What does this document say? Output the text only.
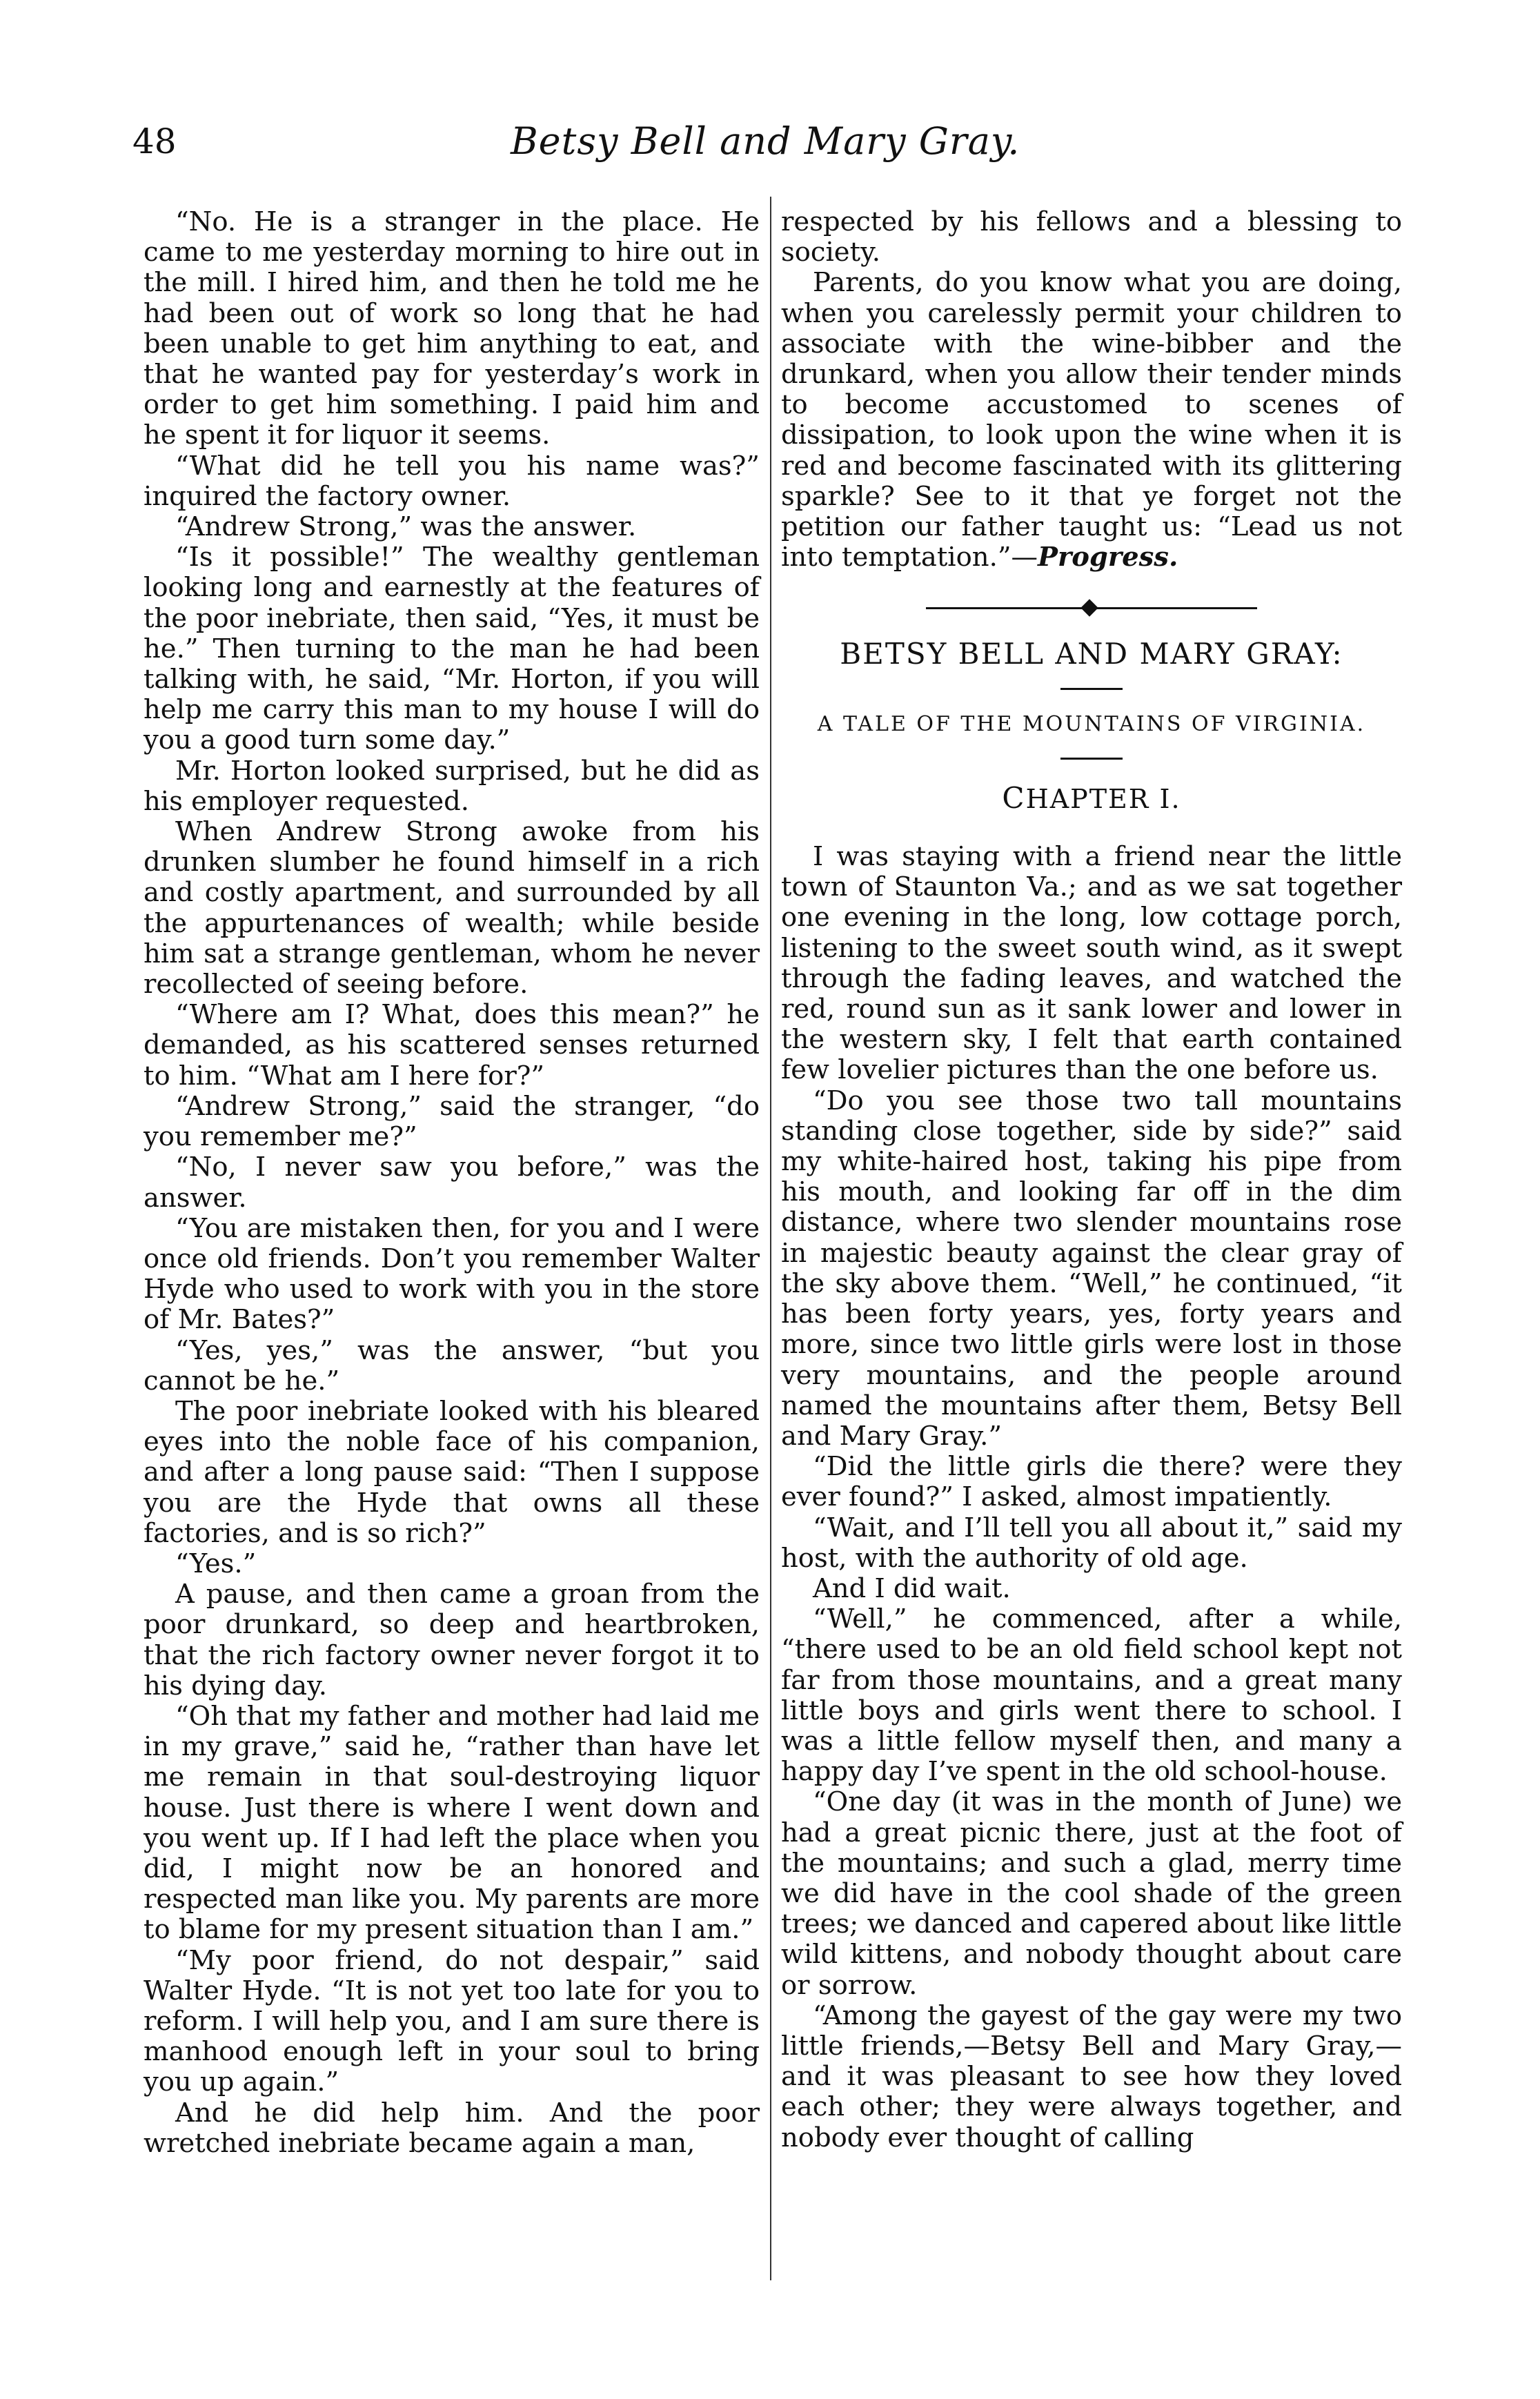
48	Betsy Bell and Mary Gray.

“No. He is a stranger in the place. He came to me yesterday morning to hire out in the mill. I hired him, and then he told me he had been out of work so long that he had been unable to get him anything to eat, and that he wanted pay for yesterday’s work in order to get him something. I paid him and he spent it for liquor it seems.

“What did he tell you his name was?” inquired the factory owner.

“Andrew Strong,” was the answer.

“Is it possible!” The wealthy gentleman looking long and earnestly at the features of the poor inebriate, then said, “Yes, it must be he.” Then turning to the man he had been talking with, he said, “Mr. Horton, if you will help me carry this man to my house I will do you a good turn some day.”

Mr. Horton looked surprised, but he did as his employer requested.

When Andrew Strong awoke from his drunken slumber he found himself in a rich and costly apartment, and surrounded by all the appurtenances of wealth; while beside him sat a strange gentleman, whom he never recollected of seeing before.

“Where am I? What, does this mean?” he demanded, as his scattered senses returned to him. “What am I here for?”

“Andrew Strong,” said the stranger, “do you remember me?”

“No, I never saw you before,” was the answer.

“You are mistaken then, for you and I were once old friends. Don’t you remember Walter Hyde who used to work with you in the store of Mr. Bates?”

“Yes, yes,” was the answer, “but you cannot be he.”

The poor inebriate looked with his bleared eyes into the noble face of his companion, and after a long pause said: “Then I suppose you are the Hyde that owns all these factories, and is so rich?”

“Yes.”

A pause, and then came a groan from the poor drunkard, so deep and heartbroken, that the rich factory owner never forgot it to his dying day.

“Oh that my father and mother had laid me in my grave,” said he, “rather than have let me remain in that soul-destroying liquor house. Just there is where I went down and you went up. If I had left the place when you did, I might now be an honored and respected man like you. My parents are more to blame for my present situation than I am.”

“My poor friend, do not despair,” said Walter Hyde. “It is not yet too late for you to reform. I will help you, and I am sure there is manhood enough left in your soul to bring you up again.”

And he did help him. And the poor wretched inebriate became again a man,

respected by his fellows and a blessing to society.

Parents, do you know what you are doing, when you carelessly permit your children to associate with the wine-bibber and the drunkard, when you allow their tender minds to become accustomed to scenes of dissipation, to look upon the wine when it is red and become fascinated with its glittering sparkle? See to it that ye forget not the petition our father taught us: “Lead us not into temptation.”—Progress.

BETSY BELL AND MARY GRAY:
A TALE OF THE MOUNTAINS OF VIRGINIA.
CHAPTER I.

I was staying with a friend near the little town of Staunton Va.; and as we sat together one evening in the long, low cottage porch, listening to the sweet south wind, as it swept through the fading leaves, and watched the red, round sun as it sank lower and lower in the western sky, I felt that earth contained few lovelier pictures than the one before us.

“Do you see those two tall mountains standing close together, side by side?” said my white-haired host, taking his pipe from his mouth, and looking far off in the dim distance, where two slender mountains rose in majestic beauty against the clear gray of the sky above them. “Well,” he continued, “it has been forty years, yes, forty years and more, since two little girls were lost in those very mountains, and the people around named the mountains after them, Betsy Bell and Mary Gray.”

“Did the little girls die there? were they ever found?” I asked, almost impatiently.

“Wait, and I’ll tell you all about it,” said my host, with the authority of old age.

And I did wait.

“Well,” he commenced, after a while, “there used to be an old field school kept not far from those mountains, and a great many little boys and girls went there to school. I was a little fellow myself then, and many a happy day I’ve spent in the old school-house.

“One day (it was in the month of June) we had a great picnic there, just at the foot of the mountains; and such a glad, merry time we did have in the cool shade of the green trees; we danced and capered about like little wild kittens, and nobody thought about care or sorrow.

“Among the gayest of the gay were my two little friends,—Betsy Bell and Mary Gray,—and it was pleasant to see how they loved each other; they were always together, and nobody ever thought of calling
